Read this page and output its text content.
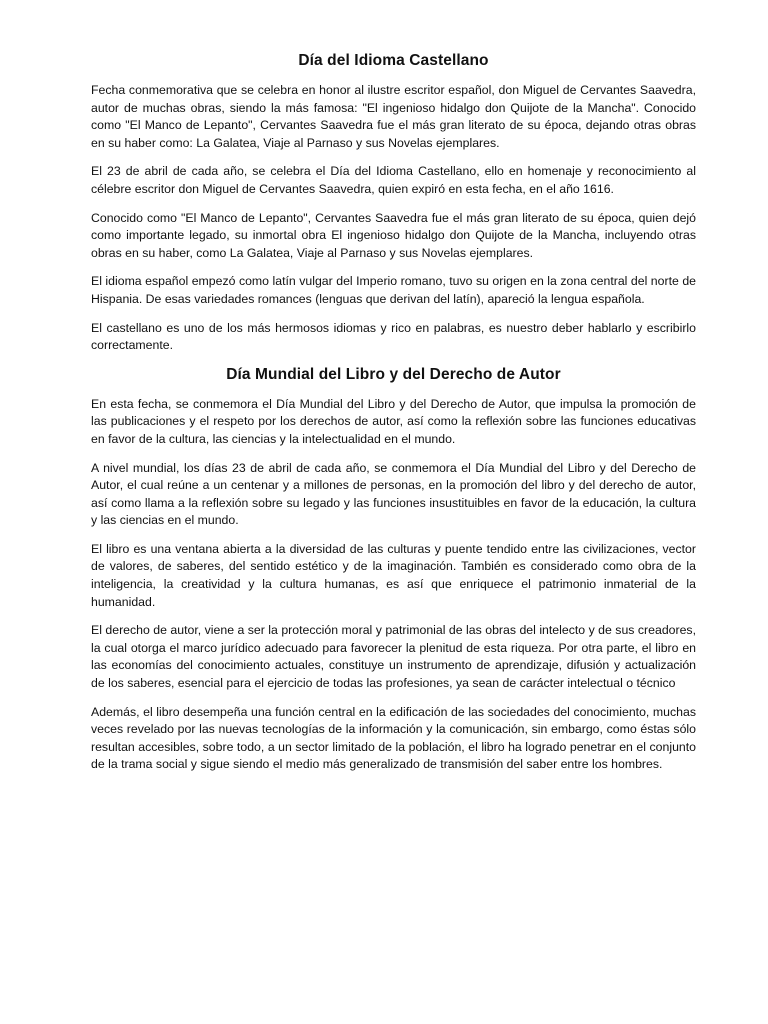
Día del Idioma Castellano

Fecha conmemorativa que se celebra en honor al ilustre escritor español, don Miguel de Cervantes Saavedra, autor de muchas obras, siendo la más famosa: "El ingenioso hidalgo don Quijote de la Mancha". Conocido como "El Manco de Lepanto", Cervantes Saavedra fue el más gran literato de su época, dejando otras obras en su haber como: La Galatea, Viaje al Parnaso y sus Novelas ejemplares.

El 23 de abril de cada año, se celebra el Día del Idioma Castellano, ello en homenaje y reconocimiento al célebre escritor don Miguel de Cervantes Saavedra, quien expiró en esta fecha, en el año 1616.

Conocido como "El Manco de Lepanto", Cervantes Saavedra fue el más gran literato de su época, quien dejó como importante legado, su inmortal obra El ingenioso hidalgo don Quijote de la Mancha, incluyendo otras obras en su haber, como La Galatea, Viaje al Parnaso y sus Novelas ejemplares.

El idioma español empezó como latín vulgar del Imperio romano, tuvo su origen en la zona central del norte de Hispania. De esas variedades romances (lenguas que derivan del latín), apareció la lengua española.

El castellano es uno de los más hermosos idiomas y rico en palabras, es nuestro deber hablarlo y escribirlo correctamente.

Día Mundial del Libro y del Derecho de Autor

En esta fecha, se conmemora el Día Mundial del Libro y del Derecho de Autor, que impulsa la promoción de las publicaciones y el respeto por los derechos de autor, así como la reflexión sobre las funciones educativas en favor de la cultura, las ciencias y la intelectualidad en el mundo.

A nivel mundial, los días 23 de abril de cada año, se conmemora el Día Mundial del Libro y del Derecho de Autor, el cual reúne a un centenar y a millones de personas, en la promoción del libro y del derecho de autor, así como llama a la reflexión sobre su legado y las funciones insustituibles en favor de la educación, la cultura y las ciencias en el mundo.

El libro es una ventana abierta a la diversidad de las culturas y puente tendido entre las civilizaciones, vector de valores, de saberes, del sentido estético y de la imaginación. También es considerado como obra de la inteligencia, la creatividad y la cultura humanas, es así que enriquece el patrimonio inmaterial de la humanidad.

El derecho de autor, viene a ser la protección moral y patrimonial de las obras del intelecto y de sus creadores, la cual otorga el marco jurídico adecuado para favorecer la plenitud de esta riqueza. Por otra parte, el libro en las economías del conocimiento actuales, constituye un instrumento de aprendizaje, difusión y actualización de los saberes, esencial para el ejercicio de todas las profesiones, ya sean de carácter intelectual o técnico

Además, el libro desempeña una función central en la edificación de las sociedades del conocimiento, muchas veces revelado por las nuevas tecnologías de la información y la comunicación, sin embargo, como éstas sólo resultan accesibles, sobre todo, a un sector limitado de la población, el libro ha logrado penetrar en el conjunto de la trama social y sigue siendo el medio más generalizado de transmisión del saber entre los hombres.
